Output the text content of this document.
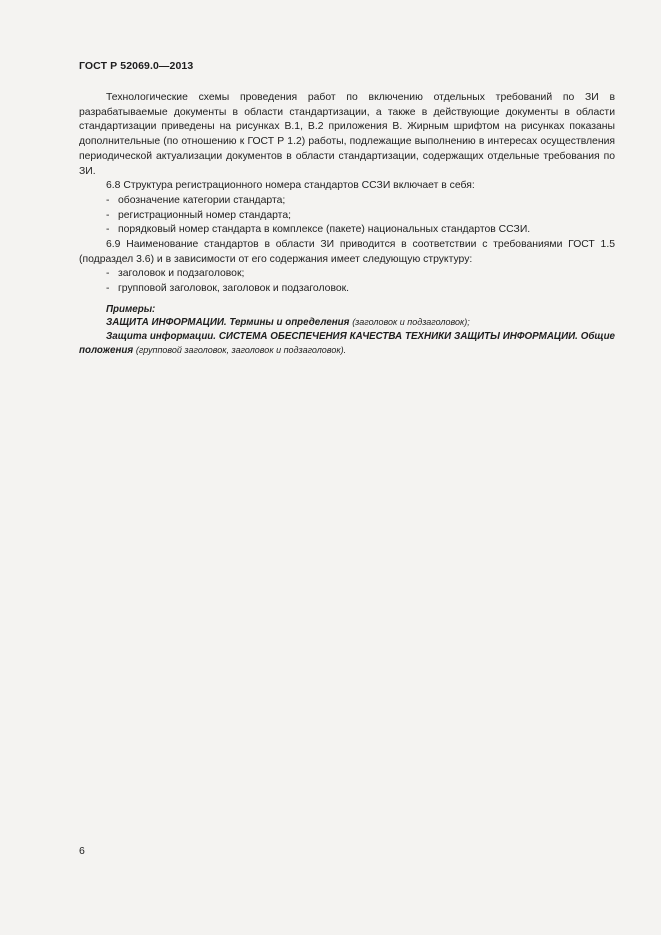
ГОСТ Р 52069.0—2013

Технологические схемы проведения работ по включению отдельных требований по ЗИ в разрабатываемые документы в области стандартизации, а также в действующие документы в области стандартизации приведены на рисунках В.1, В.2 приложения В. Жирным шрифтом на рисунках показаны дополнительные (по отношению к ГОСТ Р 1.2) работы, подлежащие выполнению в интересах осуществления периодической актуализации документов в области стандартизации, содержащих отдельные требования по ЗИ.

6.8 Структура регистрационного номера стандартов ССЗИ включает в себя:

- обозначение категории стандарта;

- регистрационный номер стандарта;

- порядковый номер стандарта в комплексе (пакете) национальных стандартов ССЗИ.

6.9 Наименование стандартов в области ЗИ приводится в соответствии с требованиями ГОСТ 1.5 (подраздел 3.6) и в зависимости от его содержания имеет следующую структуру:

- заголовок и подзаголовок;

- групповой заголовок, заголовок и подзаголовок.

Примеры:

ЗАЩИТА ИНФОРМАЦИИ. Термины и определения (заголовок и подзаголовок);

Защита информации. СИСТЕМА ОБЕСПЕЧЕНИЯ КАЧЕСТВА ТЕХНИКИ ЗАЩИТЫ ИНФОРМАЦИИ. Общие положения (групповой заголовок, заголовок и подзаголовок).

6
